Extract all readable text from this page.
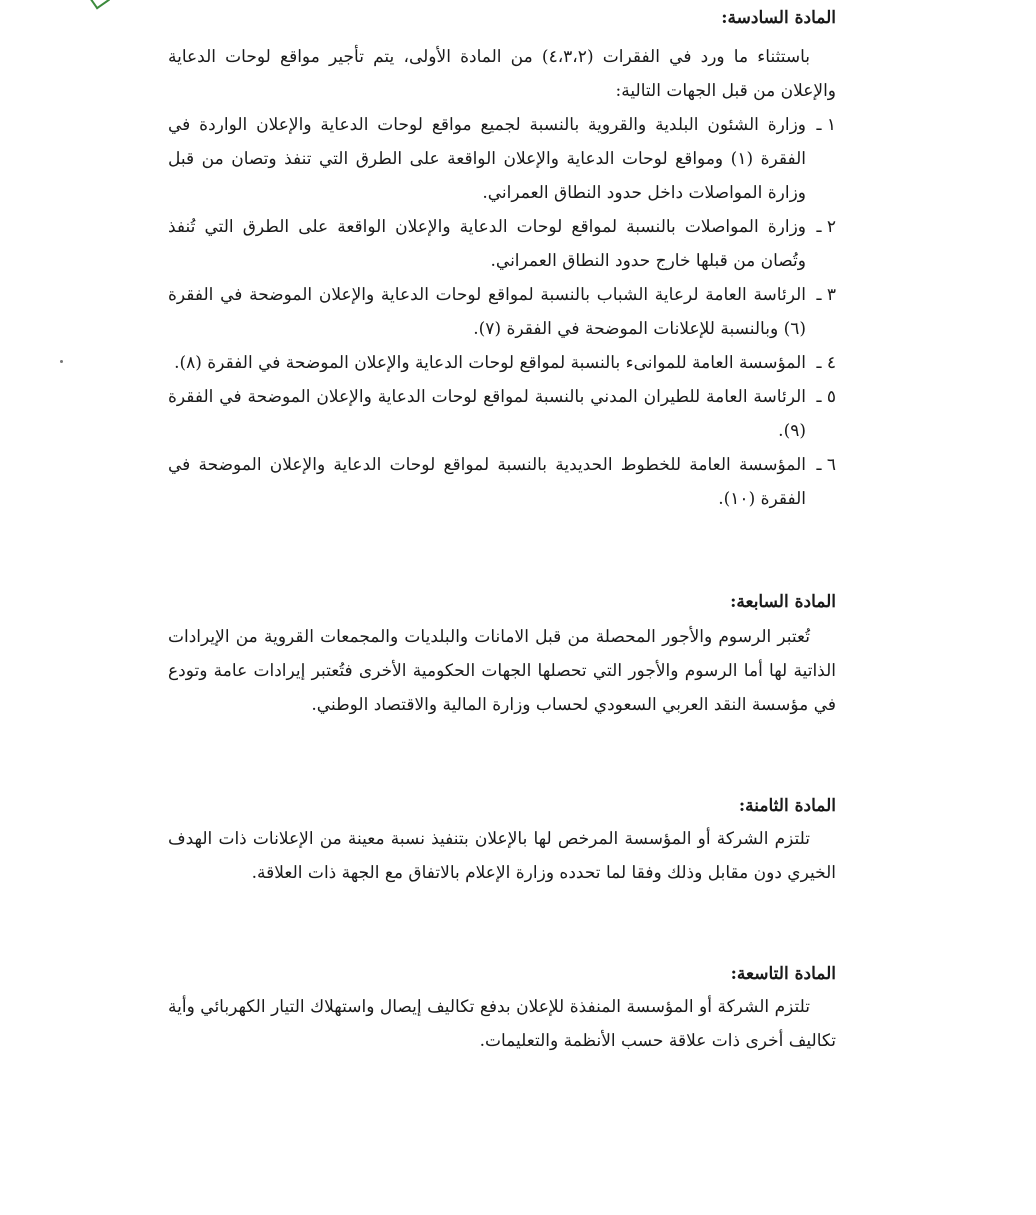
المادة السادسة:

باستثناء ما ورد في الفقرات (٤،٣،٢) من المادة الأولى، يتم تأجير مواقع لوحات الدعاية والإعلان من قبل الجهات التالية:

١ ـ
وزارة الشئون البلدية والقروية بالنسبة لجميع مواقع لوحات الدعاية والإعلان الواردة في الفقرة (١) ومواقع لوحات الدعاية والإعلان الواقعة على الطرق التي تنفذ وتصان من قبل وزارة المواصلات داخل حدود النطاق العمراني.
٢ ـ
وزارة المواصلات بالنسبة لمواقع لوحات الدعاية والإعلان الواقعة على الطرق التي تُنفذ وتُصان من قبلها خارج حدود النطاق العمراني.
٣ ـ
الرئاسة العامة لرعاية الشباب بالنسبة لمواقع لوحات الدعاية والإعلان الموضحة في الفقرة (٦) وبالنسبة للإعلانات الموضحة في الفقرة (٧).
٤ ـ
المؤسسة العامة للموانىء بالنسبة لمواقع لوحات الدعاية والإعلان الموضحة في الفقرة (٨).
٥ ـ
الرئاسة العامة للطيران المدني بالنسبة لمواقع لوحات الدعاية والإعلان الموضحة في الفقرة (٩).
٦ ـ
المؤسسة العامة للخطوط الحديدية بالنسبة لمواقع لوحات الدعاية والإعلان الموضحة في الفقرة (١٠).
المادة السابعة:

تُعتبر الرسوم والأجور المحصلة من قبل الامانات والبلديات والمجمعات القروية من الإيرادات الذاتية لها أما الرسوم والأجور التي تحصلها الجهات الحكومية الأخرى فتُعتبر إيرادات عامة وتودع في مؤسسة النقد العربي السعودي لحساب وزارة المالية والاقتصاد الوطني.

المادة الثامنة:

تلتزم الشركة أو المؤسسة المرخص لها بالإعلان بتنفيذ نسبة معينة من الإعلانات ذات الهدف الخيري دون مقابل وذلك وفقا لما تحدده وزارة الإعلام بالاتفاق مع الجهة ذات العلاقة.

المادة التاسعة:

تلتزم الشركة أو المؤسسة المنفذة للإعلان بدفع تكاليف إيصال واستهلاك التيار الكهربائي وأية تكاليف أخرى ذات علاقة حسب الأنظمة والتعليمات.
